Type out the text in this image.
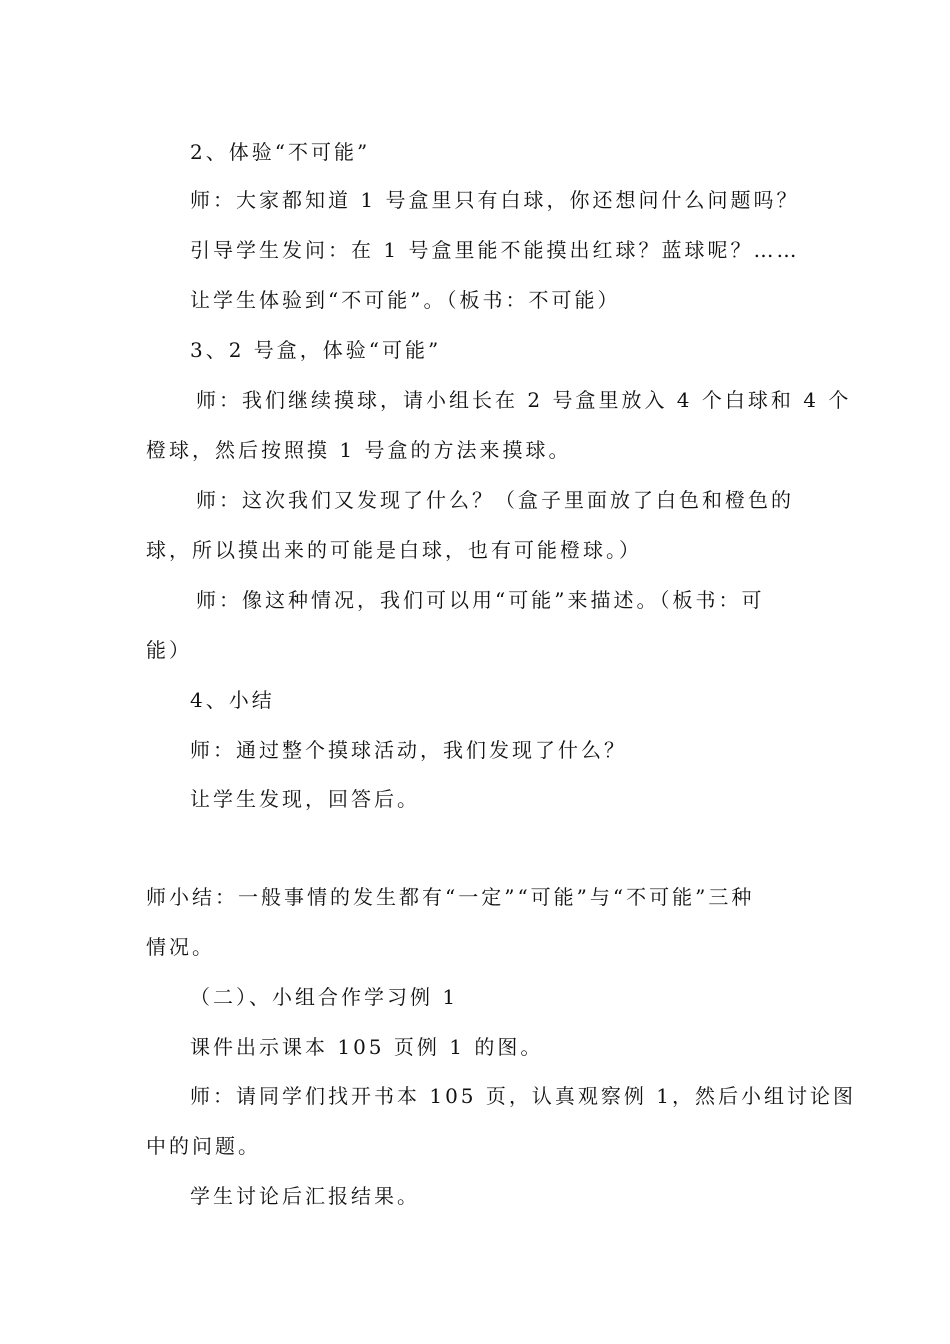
2、体验“不可能”
师：大家都知道 1 号盒里只有白球，你还想问什么问题吗？
引导学生发问：在 1 号盒里能不能摸出红球？蓝球呢？……
让学生体验到“不可能”。（板书：不可能）
3、2 号盒，体验“可能”
师：我们继续摸球，请小组长在 2 号盒里放入 4 个白球和 4 个
橙球，然后按照摸 1 号盒的方法来摸球。
师：这次我们又发现了什么？（盒子里面放了白色和橙色的
球，所以摸出来的可能是白球，也有可能橙球。）
师：像这种情况，我们可以用“可能”来描述。（板书：可
能）
4、小结
师：通过整个摸球活动，我们发现了什么？
让学生发现，回答后。
师小结：一般事情的发生都有“一定”“可能”与“不可能”三种
情况。
（二）、小组合作学习例 1
课件出示课本 105 页例 1 的图。
师：请同学们找开书本 105 页，认真观察例 1，然后小组讨论图
中的问题。
学生讨论后汇报结果。
